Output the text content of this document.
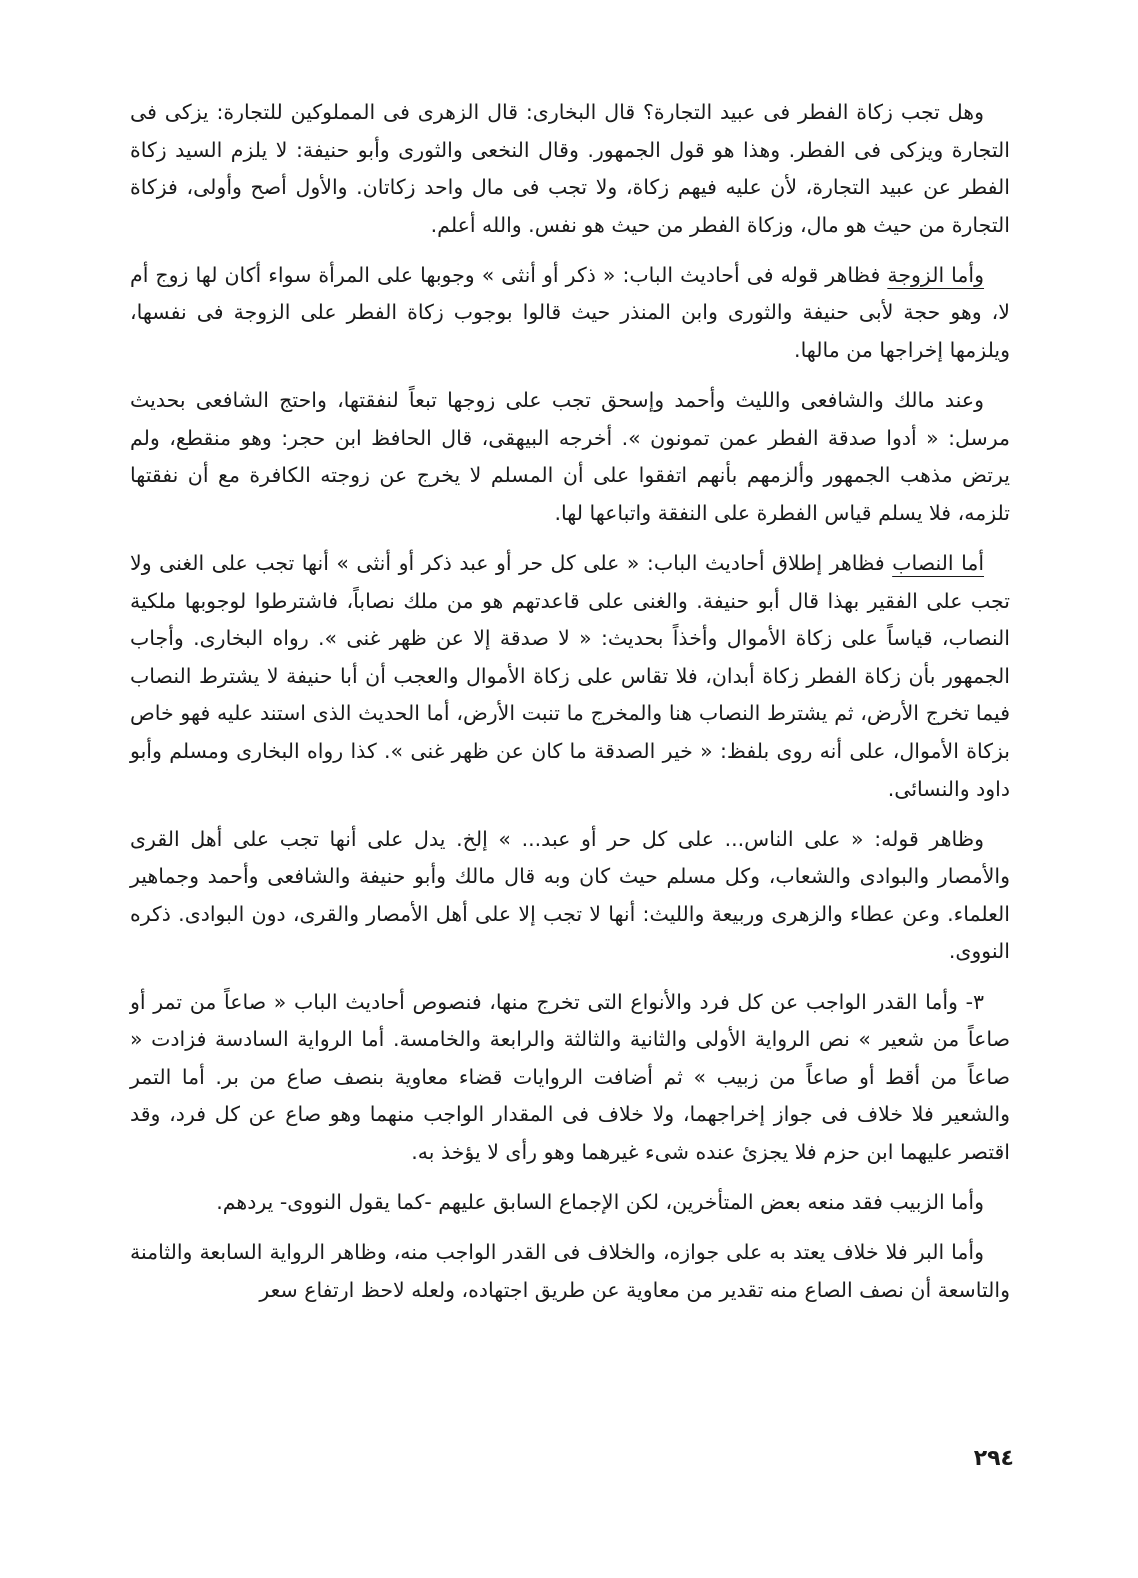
وهل تجب زكاة الفطر فى عبيد التجارة؟ قال البخارى: قال الزهرى فى المملوكين للتجارة: يزكى فى التجارة ويزكى فى الفطر. وهذا هو قول الجمهور. وقال النخعى والثورى وأبو حنيفة: لا يلزم السيد زكاة الفطر عن عبيد التجارة، لأن عليه فيهم زكاة، ولا تجب فى مال واحد زكاتان. والأول أصح وأولى، فزكاة التجارة من حيث هو مال، وزكاة الفطر من حيث هو نفس. والله أعلم.

وأما الزوجة فظاهر قوله فى أحاديث الباب: « ذكر أو أنثى » وجوبها على المرأة سواء أكان لها زوج أم لا، وهو حجة لأبى حنيفة والثورى وابن المنذر حيث قالوا بوجوب زكاة الفطر على الزوجة فى نفسها، ويلزمها إخراجها من مالها.

وعند مالك والشافعى والليث وأحمد وإسحق تجب على زوجها تبعاً لنفقتها، واحتج الشافعى بحديث مرسل: « أدوا صدقة الفطر عمن تمونون ». أخرجه البيهقى، قال الحافظ ابن حجر: وهو منقطع، ولم يرتض مذهب الجمهور وألزمهم بأنهم اتفقوا على أن المسلم لا يخرج عن زوجته الكافرة مع أن نفقتها تلزمه، فلا يسلم قياس الفطرة على النفقة واتباعها لها.

أما النصاب فظاهر إطلاق أحاديث الباب: « على كل حر أو عبد ذكر أو أنثى » أنها تجب على الغنى ولا تجب على الفقير بهذا قال أبو حنيفة. والغنى على قاعدتهم هو من ملك نصاباً، فاشترطوا لوجوبها ملكية النصاب، قياساً على زكاة الأموال وأخذاً بحديث: « لا صدقة إلا عن ظهر غنى ». رواه البخارى. وأجاب الجمهور بأن زكاة الفطر زكاة أبدان، فلا تقاس على زكاة الأموال والعجب أن أبا حنيفة لا يشترط النصاب فيما تخرج الأرض، ثم يشترط النصاب هنا والمخرج ما تنبت الأرض، أما الحديث الذى استند عليه فهو خاص بزكاة الأموال، على أنه روى بلفظ: « خير الصدقة ما كان عن ظهر غنى ». كذا رواه البخارى ومسلم وأبو داود والنسائى.

وظاهر قوله: « على الناس... على كل حر أو عبد... » إلخ. يدل على أنها تجب على أهل القرى والأمصار والبوادى والشعاب، وكل مسلم حيث كان وبه قال مالك وأبو حنيفة والشافعى وأحمد وجماهير العلماء. وعن عطاء والزهرى وربيعة والليث: أنها لا تجب إلا على أهل الأمصار والقرى، دون البوادى. ذكره النووى.

٣- وأما القدر الواجب عن كل فرد والأنواع التى تخرج منها، فنصوص أحاديث الباب « صاعاً من تمر أو صاعاً من شعير » نص الرواية الأولى والثانية والثالثة والرابعة والخامسة. أما الرواية السادسة فزادت « صاعاً من أقط أو صاعاً من زبيب » ثم أضافت الروايات قضاء معاوية بنصف صاع من بر. أما التمر والشعير فلا خلاف فى جواز إخراجهما، ولا خلاف فى المقدار الواجب منهما وهو صاع عن كل فرد، وقد اقتصر عليهما ابن حزم فلا يجزئ عنده شىء غيرهما وهو رأى لا يؤخذ به.

وأما الزبيب فقد منعه بعض المتأخرين، لكن الإجماع السابق عليهم -كما يقول النووى- يردهم.

وأما البر فلا خلاف يعتد به على جوازه، والخلاف فى القدر الواجب منه، وظاهر الرواية السابعة والثامنة والتاسعة أن نصف الصاع منه تقدير من معاوية عن طريق اجتهاده، ولعله لاحظ ارتفاع سعر

٢٩٤
